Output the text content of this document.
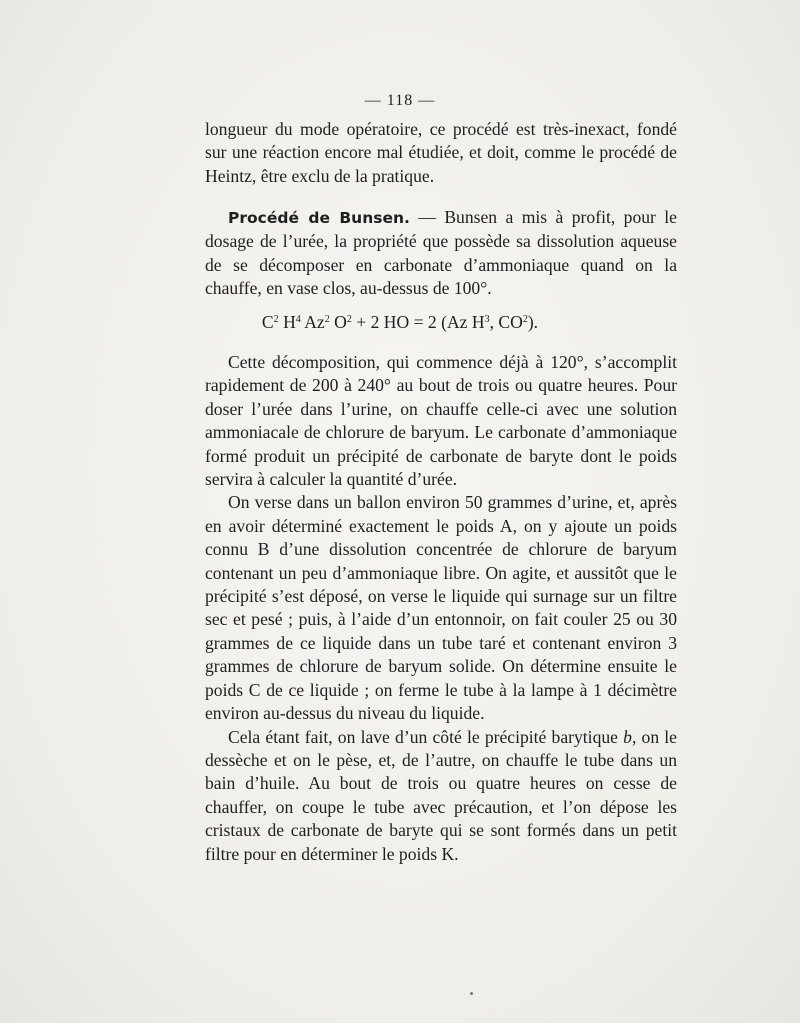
— 118 —

longueur du mode opératoire, ce procédé est très-inexact, fondé sur une réaction encore mal étudiée, et doit, comme le procédé de Heintz, être exclu de la pratique.

Procédé de Bunsen. — Bunsen a mis à profit, pour le dosage de l’urée, la propriété que possède sa dissolution aqueuse de se décomposer en carbonate d’ammoniaque quand on la chauffe, en vase clos, au-dessus de 100°.

$C^2$ $H^4$ Az$^2$ $O^2 + 2$ HO = 2 (Az $H^3$, $CO^2$).

Cette décomposition, qui commence déjà à 120°, s’accomplit rapidement de 200 à 240° au bout de trois ou quatre heures. Pour doser l’urée dans l’urine, on chauffe celle-ci avec une solution ammoniacale de chlorure de baryum. Le carbonate d’ammoniaque formé produit un précipité de carbonate de baryte dont le poids servira à calculer la quantité d’urée.

On verse dans un ballon environ 50 grammes d’urine, et, après en avoir déterminé exactement le poids A, on y ajoute un poids connu B d’une dissolution concentrée de chlorure de baryum contenant un peu d’ammoniaque libre. On agite, et aussitôt que le précipité s’est déposé, on verse le liquide qui surnage sur un filtre sec et pesé ; puis, à l’aide d’un entonnoir, on fait couler 25 ou 30 grammes de ce liquide dans un tube taré et contenant environ 3 grammes de chlorure de baryum solide. On détermine ensuite le poids C de ce liquide ; on ferme le tube à la lampe à 1 décimètre environ au-dessus du niveau du liquide.

Cela étant fait, on lave d’un côté le précipité barytique b, on le dessèche et on le pèse, et, de l’autre, on chauffe le tube dans un bain d’huile. Au bout de trois ou quatre heures on cesse de chauffer, on coupe le tube avec précaution, et l’on dépose les cristaux de carbonate de baryte qui se sont formés dans un petit filtre pour en déterminer le poids K.
